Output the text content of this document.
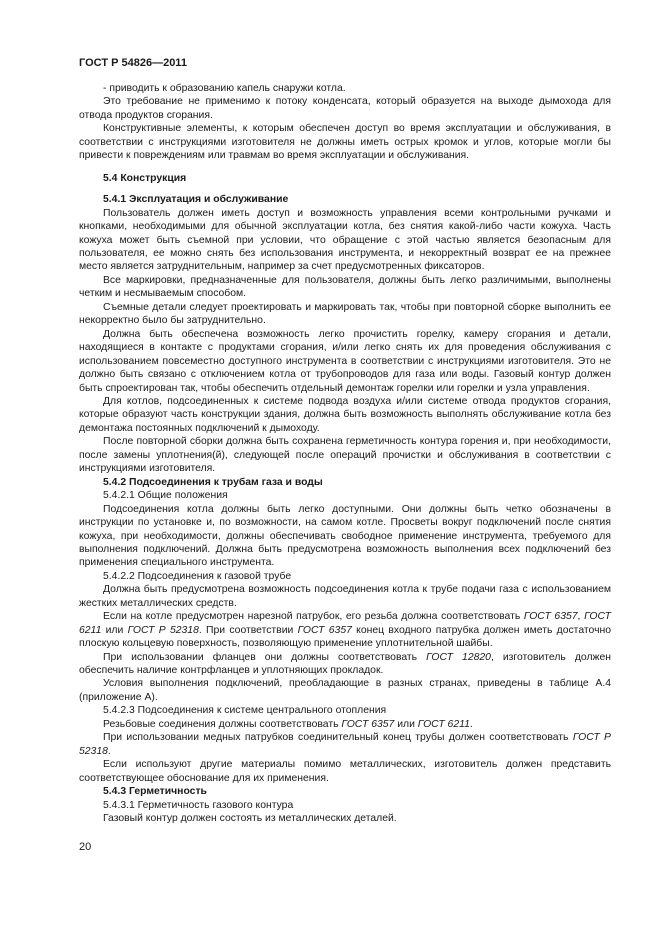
ГОСТ Р 54826—2011

- приводить к образованию капель снаружи котла.

Это требование не применимо к потоку конденсата, который образуется на выходе дымохода для отвода продуктов сгорания.

Конструктивные элементы, к которым обеспечен доступ во время эксплуатации и обслуживания, в соответствии с инструкциями изготовителя не должны иметь острых кромок и углов, которые могли бы привести к повреждениям или травмам во время эксплуатации и обслуживания.

5.4 Конструкция

5.4.1 Эксплуатация и обслуживание

Пользователь должен иметь доступ и возможность управления всеми контрольными ручками и кнопками, необходимыми для обычной эксплуатации котла, без снятия какой-либо части кожуха. Часть кожуха может быть съемной при условии, что обращение с этой частью является безопасным для пользователя, ее можно снять без использования инструмента, и некорректный возврат ее на прежнее место является затруднительным, например за счет предусмотренных фиксаторов.

Все маркировки, предназначенные для пользователя, должны быть легко различимыми, выполнены четким и несмываемым способом.

Съемные детали следует проектировать и маркировать так, чтобы при повторной сборке выполнить ее некорректно было бы затруднительно.

Должна быть обеспечена возможность легко прочистить горелку, камеру сгорания и детали, находящиеся в контакте с продуктами сгорания, и/или легко снять их для проведения обслуживания с использованием повсеместно доступного инструмента в соответствии с инструкциями изготовителя. Это не должно быть связано с отключением котла от трубопроводов для газа или воды. Газовый контур должен быть спроектирован так, чтобы обеспечить отдельный демонтаж горелки или горелки и узла управления.

Для котлов, подсоединенных к системе подвода воздуха и/или системе отвода продуктов сгорания, которые образуют часть конструкции здания, должна быть возможность выполнять обслуживание котла без демонтажа постоянных подключений к дымоходу.

После повторной сборки должна быть сохранена герметичность контура горения и, при необходимости, после замены уплотнения(й), следующей после операций прочистки и обслуживания в соответствии с инструкциями изготовителя.

5.4.2 Подсоединения к трубам газа и воды

5.4.2.1 Общие положения

Подсоединения котла должны быть легко доступными. Они должны быть четко обозначены в инструкции по установке и, по возможности, на самом котле. Просветы вокруг подключений после снятия кожуха, при необходимости, должны обеспечивать свободное применение инструмента, требуемого для выполнения подключений. Должна быть предусмотрена возможность выполнения всех подключений без применения специального инструмента.

5.4.2.2 Подсоединения к газовой трубе

Должна быть предусмотрена возможность подсоединения котла к трубе подачи газа с использованием жестких металлических средств.

Если на котле предусмотрен нарезной патрубок, его резьба должна соответствовать ГОСТ 6357, ГОСТ 6211 или ГОСТ Р 52318. При соответствии ГОСТ 6357 конец входного патрубка должен иметь достаточно плоскую кольцевую поверхность, позволяющую применение уплотнительной шайбы.

При использовании фланцев они должны соответствовать ГОСТ 12820, изготовитель должен обеспечить наличие контрфланцев и уплотняющих прокладок.

Условия выполнения подключений, преобладающие в разных странах, приведены в таблице А.4 (приложение А).

5.4.2.3 Подсоединения к системе центрального отопления

Резьбовые соединения должны соответствовать ГОСТ 6357 или ГОСТ 6211.

При использовании медных патрубков соединительный конец трубы должен соответствовать ГОСТ Р 52318.

Если используют другие материалы помимо металлических, изготовитель должен представить соответствующее обоснование для их применения.

5.4.3 Герметичность

5.4.3.1 Герметичность газового контура

Газовый контур должен состоять из металлических деталей.

20
